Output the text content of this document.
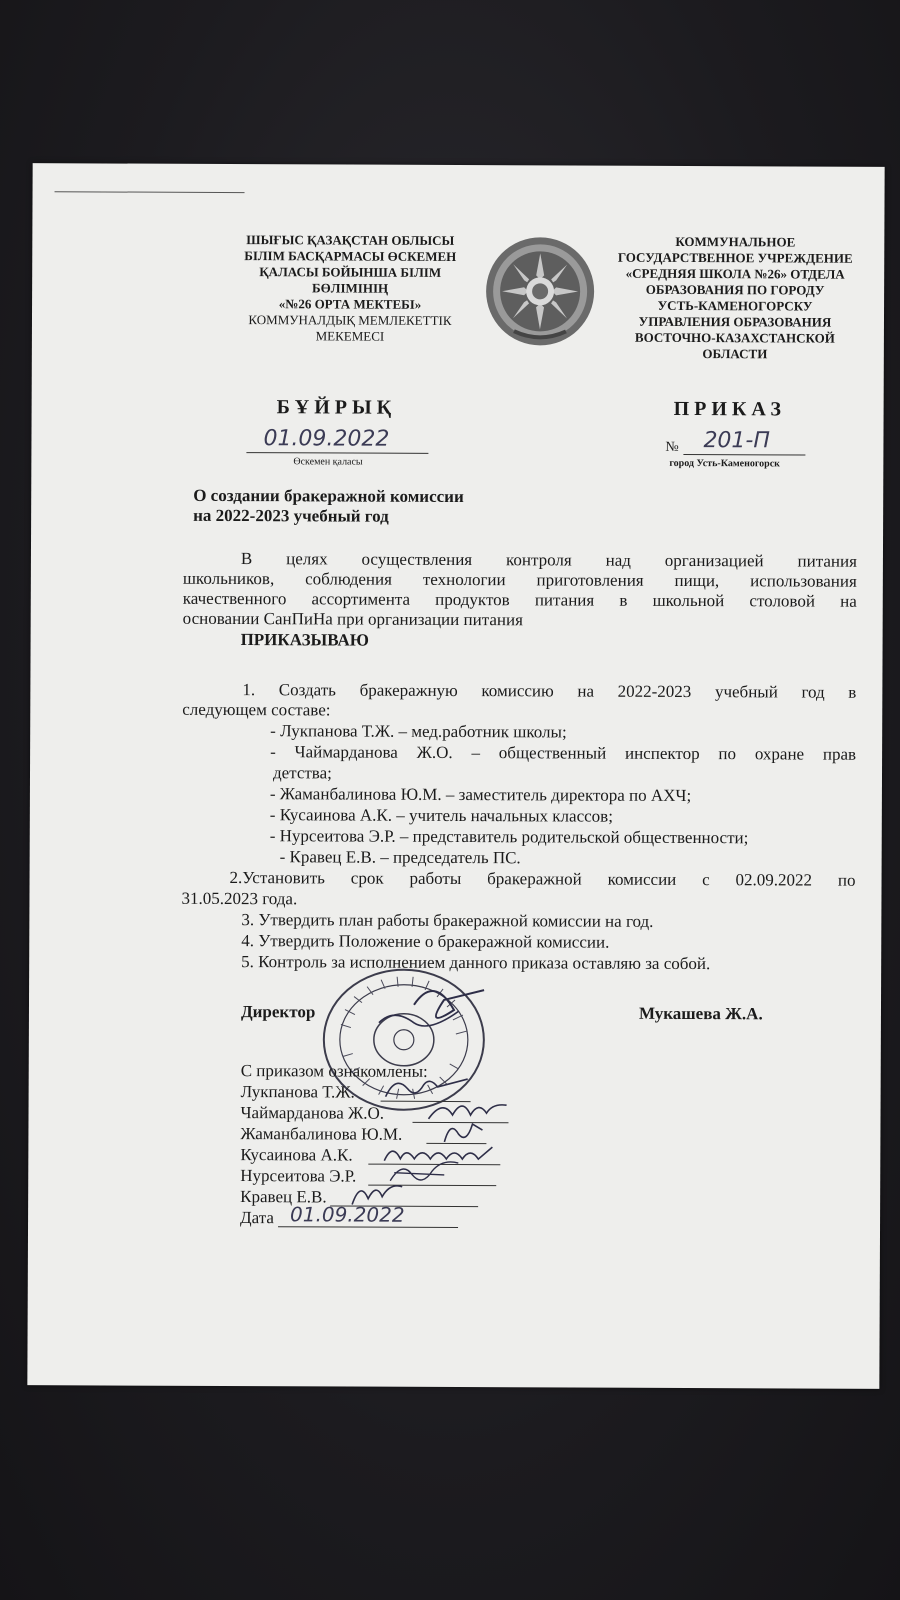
ШЫҒЫС ҚАЗАҚСТАН ОБЛЫСЫ
БІЛІМ БАСҚАРМАСЫ ӨСКЕМЕН
ҚАЛАСЫ БОЙЫНША БІЛІМ
БӨЛІМІНІҢ
«№26 ОРТА МЕКТЕБІ»
КОММУНАЛДЫҚ МЕМЛЕКЕТТІК
МЕКЕМЕСІ
КОММУНАЛЬНОЕ
ГОСУДАРСТВЕННОЕ УЧРЕЖДЕНИЕ
«СРЕДНЯЯ ШКОЛА №26» ОТДЕЛА
ОБРАЗОВАНИЯ ПО ГОРОДУ
УСТЬ-КАМЕНОГОРСКУ
УПРАВЛЕНИЯ ОБРАЗОВАНИЯ
ВОСТОЧНО-КАЗАХСТАНСКОЙ
ОБЛАСТИ
БҰЙРЫҚ	ПРИКАЗ
01.09.2022
Өскемен қаласы
№ 201-П
город Усть-Каменогорск
О создании бракеражной комиссии
на 2022-2023 учебный год
В целях осуществления контроля над организацией питания
школьников, соблюдения технологии приготовления пищи, использования
качественного ассортимента продуктов питания в школьной столовой на
основании СанПиНа при организации питания
ПРИКАЗЫВАЮ
1. Создать бракеражную комиссию на 2022-2023 учебный год в
следующем составе:
- Лукпанова Т.Ж. – мед.работник школы;
- Чаймарданова Ж.О. – общественный инспектор по охране прав
детства;
- Жаманбалинова Ю.М. – заместитель директора по АХЧ;
- Кусаинова А.К. – учитель начальных классов;
- Нурсеитова Э.Р. – представитель родительской общественности;
- Кравец Е.В. – председатель ПС.
2.Установить срок работы бракеражной комиссии с 02.09.2022 по
31.05.2023 года.
3. Утвердить план работы бракеражной комиссии на год.
4. Утвердить Положение о бракеражной комиссии.
5. Контроль за исполнением данного приказа оставляю за собой.
Директор	Мукашева Ж.А.
С приказом ознакомлены:
Лукпанова Т.Ж.
Чаймарданова Ж.О.
Жаманбалинова Ю.М.
Кусаинова А.К.
Нурсеитова Э.Р.
Кравец Е.В.
Дата 01.09.2022
